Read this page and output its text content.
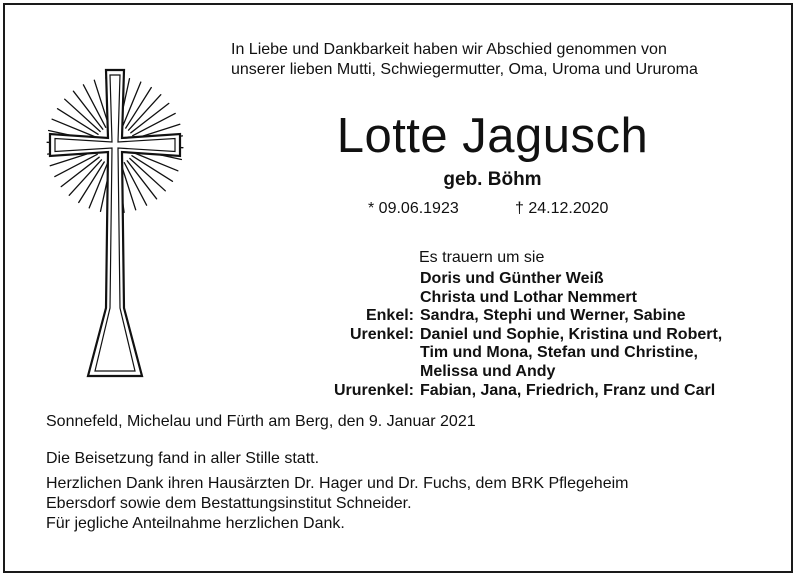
In Liebe und Dankbarkeit haben wir Abschied genommen von
unserer lieben Mutti, Schwiegermutter, Oma, Uroma und Ururoma
Lotte Jagusch
geb. Böhm
* 09.06.1923	† 24.12.2020
Es trauern um sie
	Doris und Günther Weiß
	Christa und Lothar Nemmert
Enkel:	Sandra, Stephi und Werner, Sabine
Urenkel:	Daniel und Sophie, Kristina und Robert,
	Tim und Mona, Stefan und Christine,
	Melissa und Andy
Ururenkel:	Fabian, Jana, Friedrich, Franz und Carl
Sonnefeld, Michelau und Fürth am Berg, den 9. Januar 2021
Die Beisetzung fand in aller Stille statt.
Herzlichen Dank ihren Hausärzten Dr. Hager und Dr. Fuchs, dem BRK Pflegeheim
Ebersdorf sowie dem Bestattungsinstitut Schneider.
Für jegliche Anteilnahme herzlichen Dank.
